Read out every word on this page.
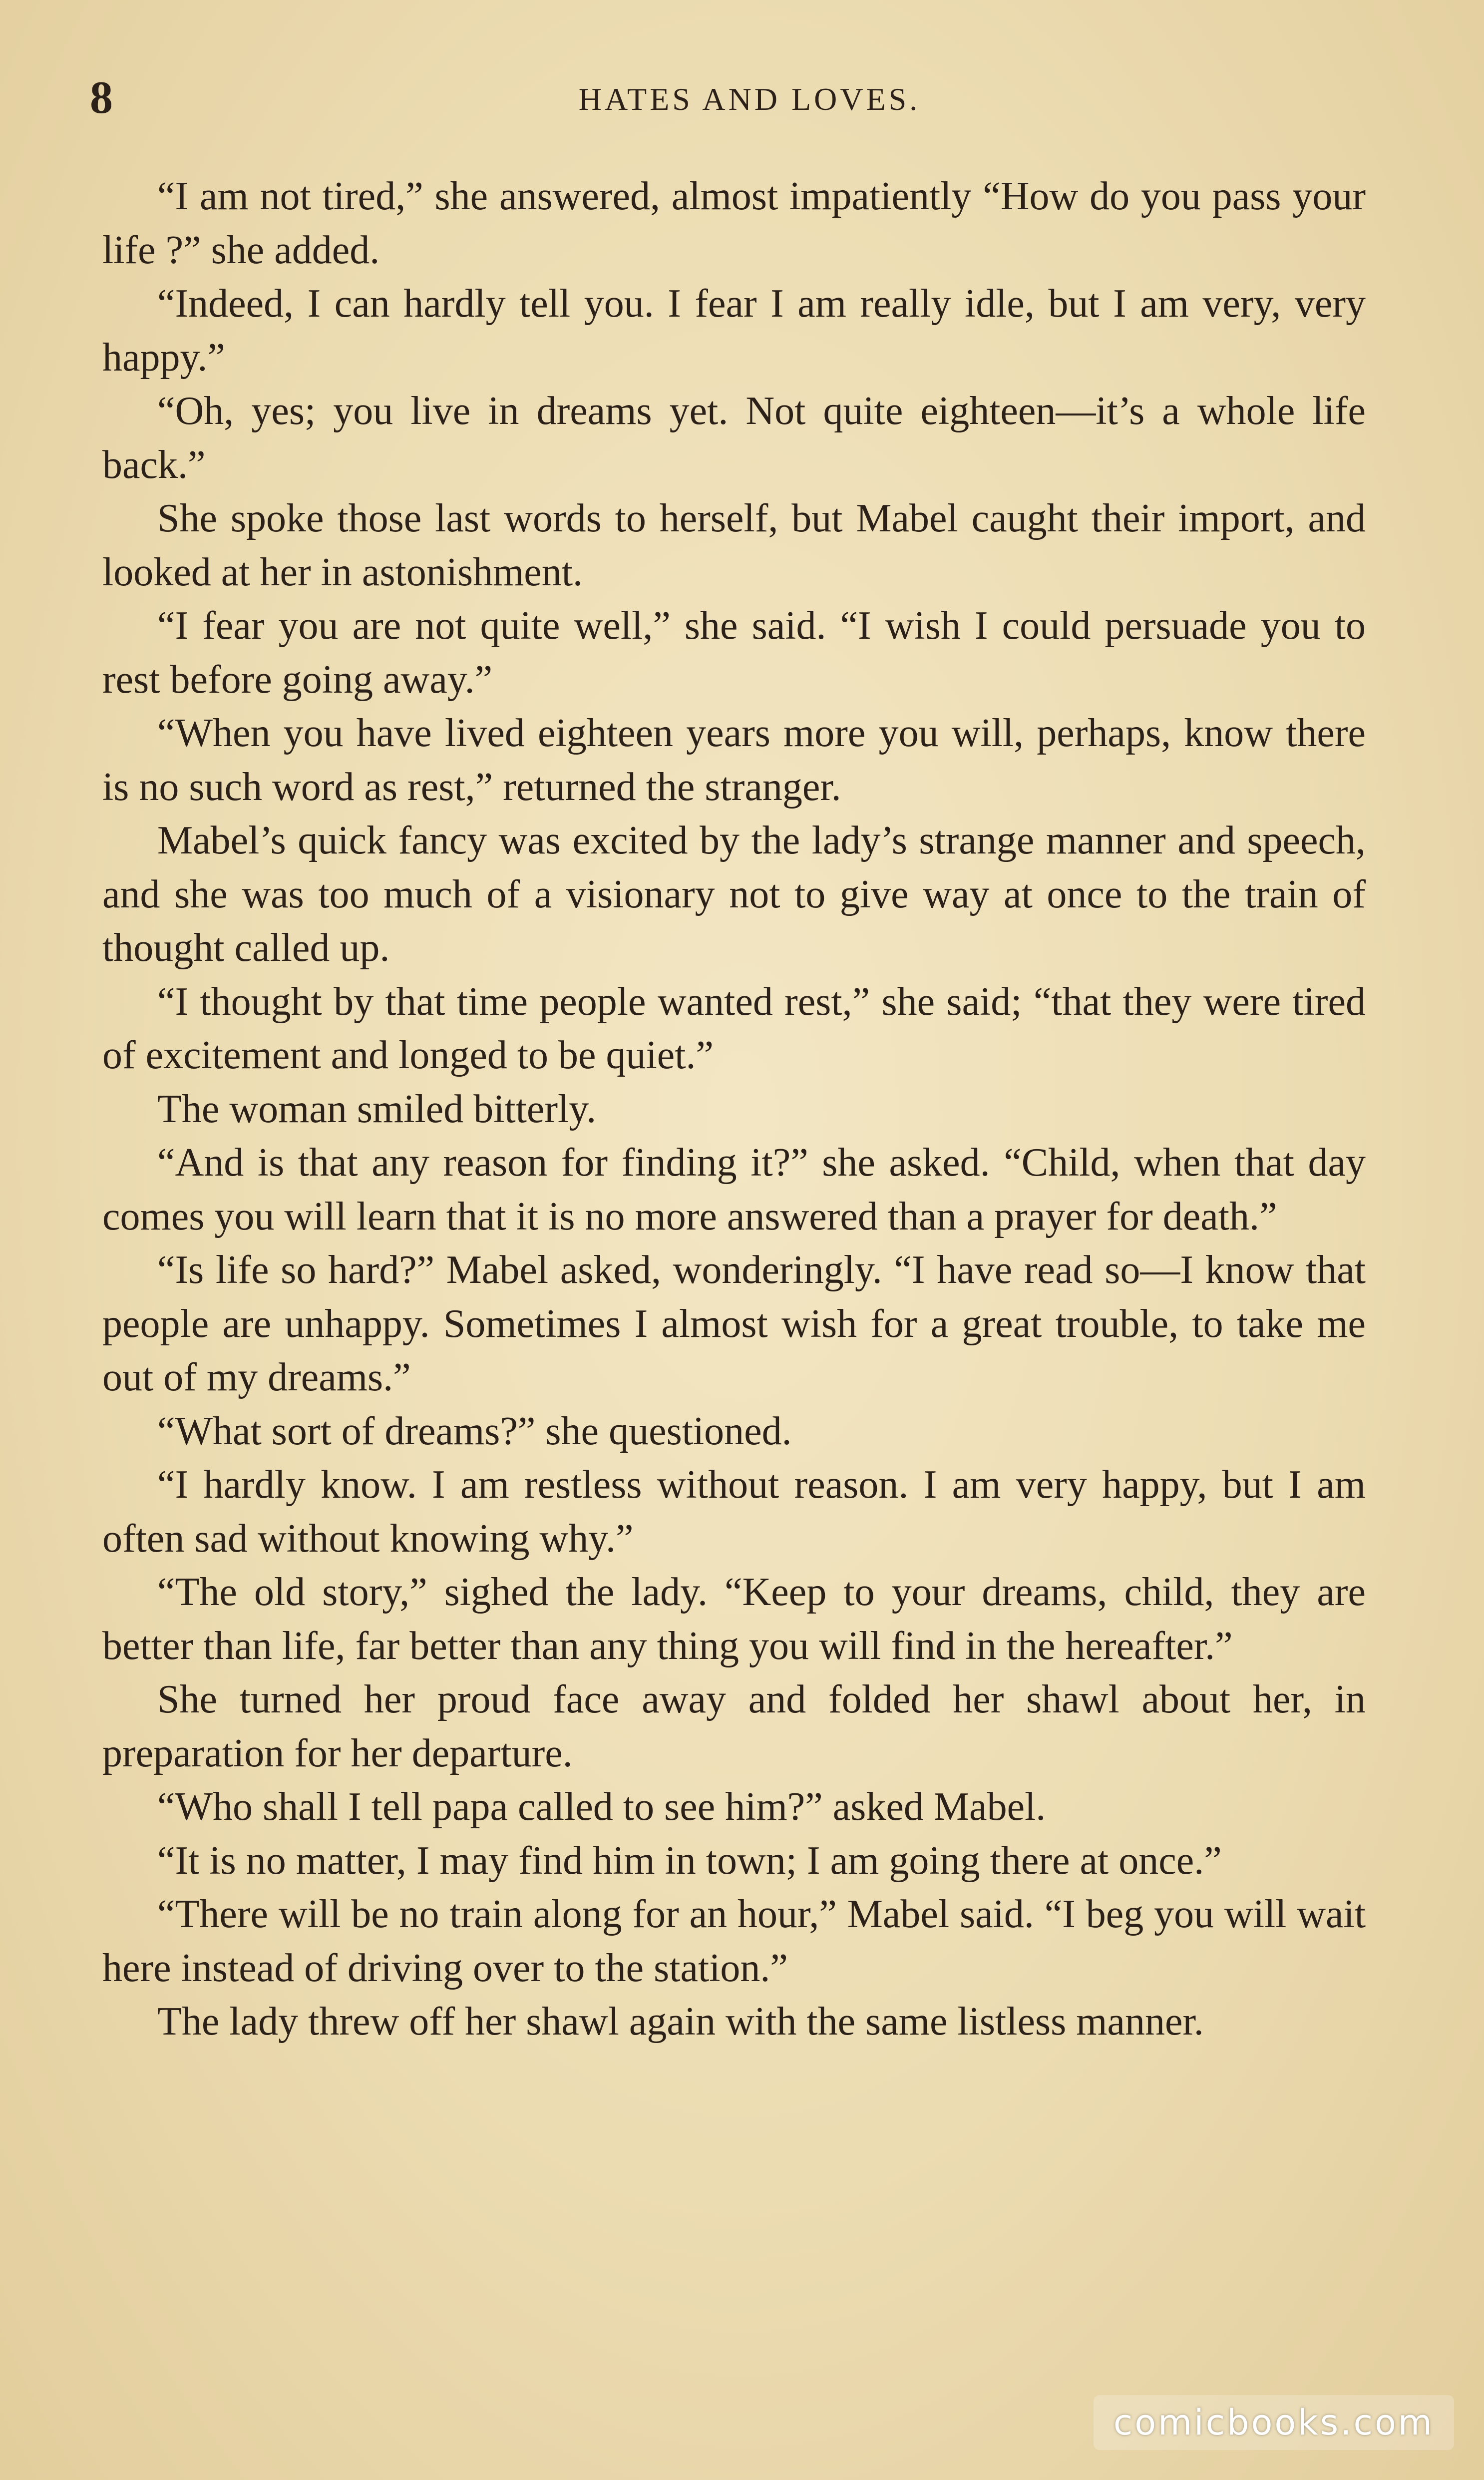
8	HATES AND LOVES.

“I am not tired,” she answered, almost impatiently “How do you pass your life ?” she added.

“Indeed, I can hardly tell you. I fear I am really idle, but I am very, very happy.”

“Oh, yes; you live in dreams yet. Not quite eighteen—it’s a whole life back.”

She spoke those last words to herself, but Mabel caught their import, and looked at her in astonishment.

“I fear you are not quite well,” she said. “I wish I could persuade you to rest before going away.”

“When you have lived eighteen years more you will, perhaps, know there is no such word as rest,” returned the stranger.

Mabel’s quick fancy was excited by the lady’s strange manner and speech, and she was too much of a visionary not to give way at once to the train of thought called up.

“I thought by that time people wanted rest,” she said; “that they were tired of excitement and longed to be quiet.”

The woman smiled bitterly.

“And is that any reason for finding it?” she asked. “Child, when that day comes you will learn that it is no more answered than a prayer for death.”

“Is life so hard?” Mabel asked, wonderingly. “I have read so—I know that people are unhappy. Sometimes I almost wish for a great trouble, to take me out of my dreams.”

“What sort of dreams?” she questioned.

“I hardly know. I am restless without reason. I am very happy, but I am often sad without knowing why.”

“The old story,” sighed the lady. “Keep to your dreams, child, they are better than life, far better than any thing you will find in the hereafter.”

She turned her proud face away and folded her shawl about her, in preparation for her departure.

“Who shall I tell papa called to see him?” asked Mabel.

“It is no matter, I may find him in town; I am going there at once.”

“There will be no train along for an hour,” Mabel said. “I beg you will wait here instead of driving over to the station.”

The lady threw off her shawl again with the same listless manner.

comicbooks.com
